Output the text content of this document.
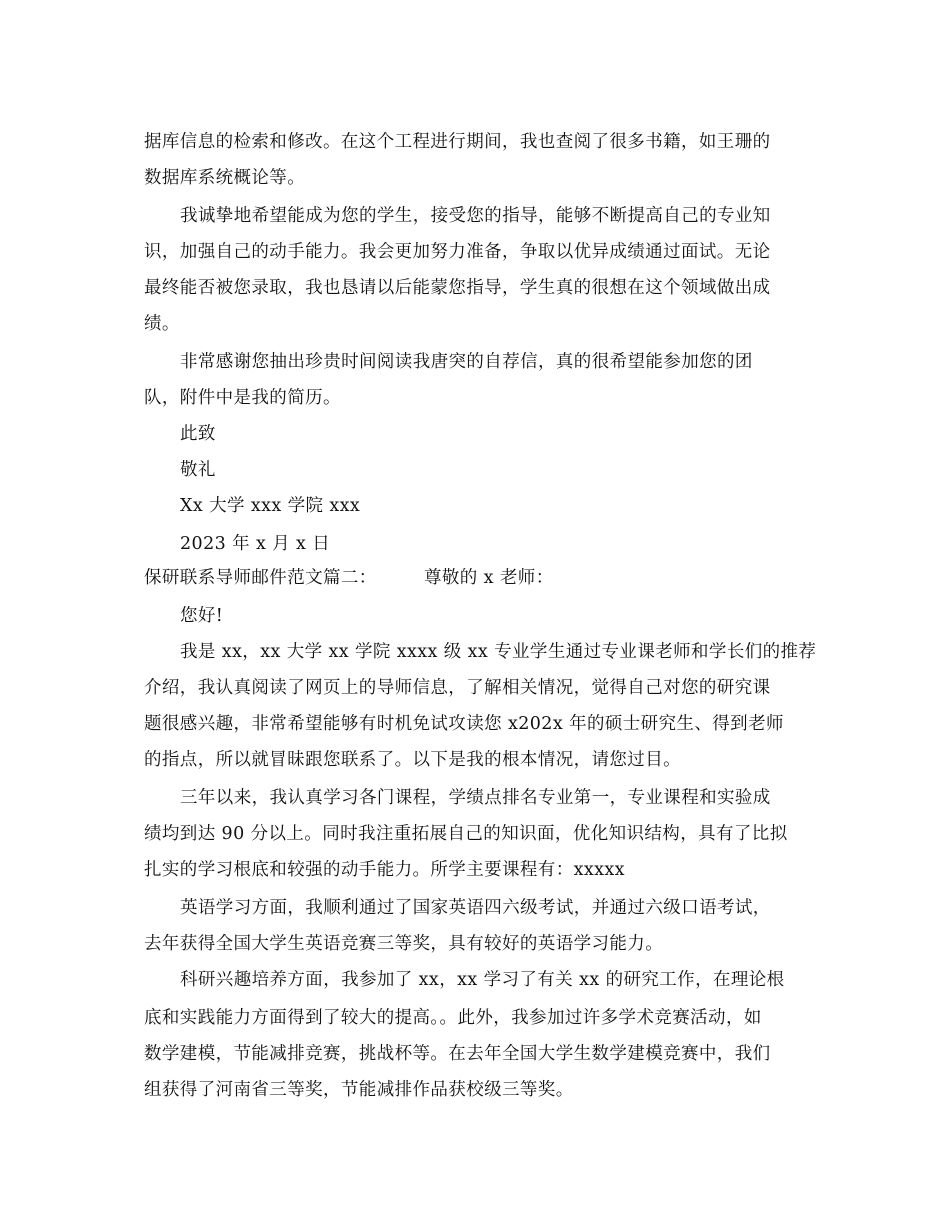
据库信息的检索和修改。在这个工程进行期间，我也查阅了很多书籍，如王珊的
数据库系统概论等。
我诚挚地希望能成为您的学生，接受您的指导，能够不断提高自己的专业知
识，加强自己的动手能力。我会更加努力准备，争取以优异成绩通过面试。无论
最终能否被您录取，我也恳请以后能蒙您指导，学生真的很想在这个领域做出成
绩。
非常感谢您抽出珍贵时间阅读我唐突的自荐信，真的很希望能参加您的团
队，附件中是我的简历。
此致
敬礼
Xx 大学 xxx 学院 xxx
2023 年 x 月 x 日
保研联系导师邮件范文篇二：	尊敬的 x 老师：
您好!
我是 xx，xx 大学 xx 学院 xxxx 级 xx 专业学生通过专业课老师和学长们的推荐
介绍，我认真阅读了网页上的导师信息，了解相关情况，觉得自己对您的研究课
题很感兴趣，非常希望能够有时机免试攻读您 x202x 年的硕士研究生、得到老师
的指点，所以就冒昧跟您联系了。以下是我的根本情况，请您过目。
三年以来，我认真学习各门课程，学绩点排名专业第一，专业课程和实验成
绩均到达 90 分以上。同时我注重拓展自己的知识面，优化知识结构，具有了比拟
扎实的学习根底和较强的动手能力。所学主要课程有：xxxxx
英语学习方面，我顺利通过了国家英语四六级考试，并通过六级口语考试，
去年获得全国大学生英语竞赛三等奖，具有较好的英语学习能力。
科研兴趣培养方面，我参加了 xx，xx 学习了有关 xx 的研究工作，在理论根
底和实践能力方面得到了较大的提高。。此外，我参加过许多学术竞赛活动，如
数学建模，节能减排竞赛，挑战杯等。在去年全国大学生数学建模竞赛中，我们
组获得了河南省三等奖，节能减排作品获校级三等奖。
